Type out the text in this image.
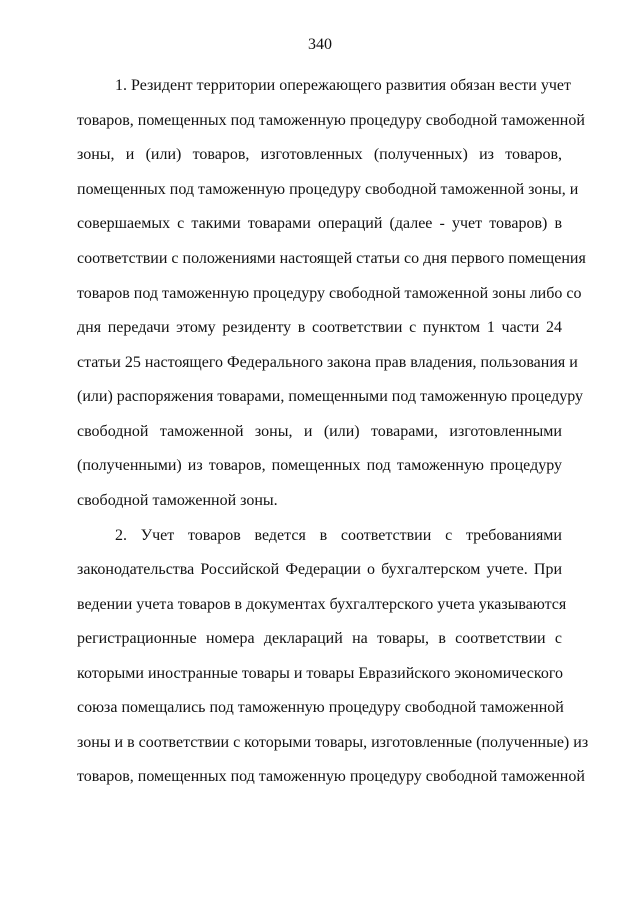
340
1. Резидент территории опережающего развития обязан вести учет
товаров, помещенных под таможенную процедуру свободной таможенной
зоны, и (или) товаров, изготовленных (полученных) из товаров,
помещенных под таможенную процедуру свободной таможенной зоны, и
совершаемых с такими товарами операций (далее - учет товаров) в
соответствии с положениями настоящей статьи со дня первого помещения
товаров под таможенную процедуру свободной таможенной зоны либо со
дня передачи этому резиденту в соответствии с пунктом 1 части 24
статьи 25 настоящего Федерального закона прав владения, пользования и
(или) распоряжения товарами, помещенными под таможенную процедуру
свободной таможенной зоны, и (или) товарами, изготовленными
(полученными) из товаров, помещенных под таможенную процедуру
свободной таможенной зоны.
2. Учет товаров ведется в соответствии с требованиями
законодательства Российской Федерации о бухгалтерском учете. При
ведении учета товаров в документах бухгалтерского учета указываются
регистрационные номера деклараций на товары, в соответствии с
которыми иностранные товары и товары Евразийского экономического
союза помещались под таможенную процедуру свободной таможенной
зоны и в соответствии с которыми товары, изготовленные (полученные) из
товаров, помещенных под таможенную процедуру свободной таможенной
